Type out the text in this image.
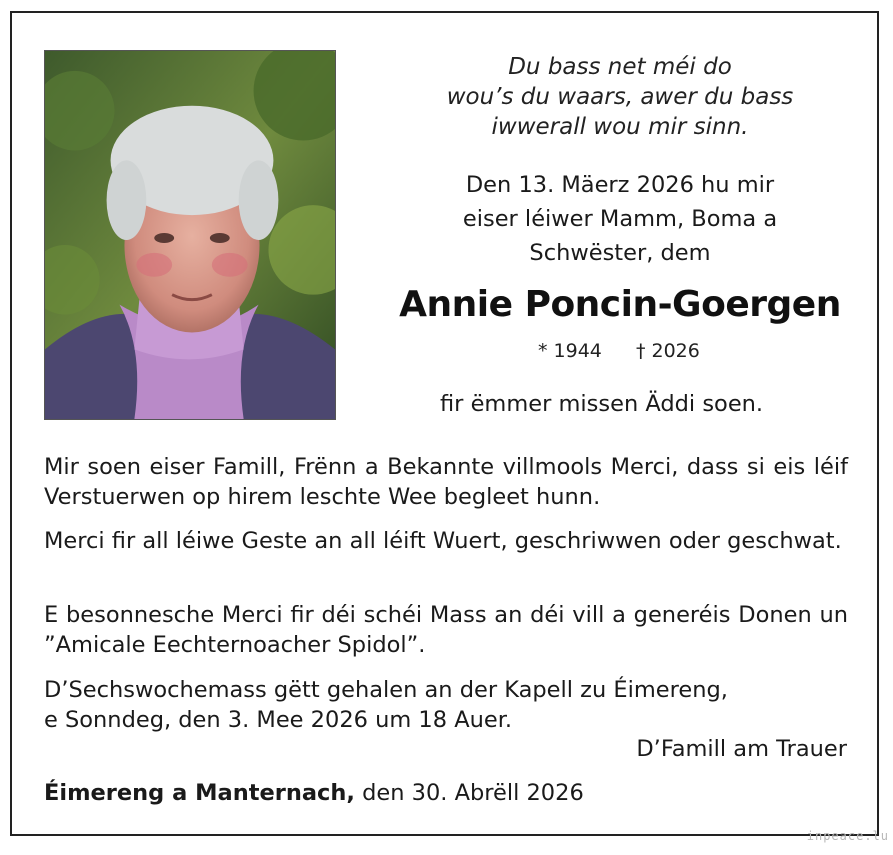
Du bass net méi do
wou’s du waars, awer du bass
iwwerall wou mir sinn.
Den 13. Mäerz 2026 hu mir
eiser léiwer Mamm, Boma a
Schwëster, dem
Annie Poncin-Goergen
* 1944 † 2026
fir ëmmer missen Äddi soen.
Mir soen eiser Famill, Frënn a Bekannte villmools Merci, dass si eis léif Verstuerwen op hirem leschte Wee begleet hunn.
Merci fir all léiwe Geste an all léift Wuert, geschriwwen oder geschwat.
E besonnesche Merci fir déi schéi Mass an déi vill a generéis Donen un ”Amicale Eechternoacher Spidol”.
D’Sechswochemass gëtt gehalen an der Kapell zu Éimereng,
e Sonndeg, den 3. Mee 2026 um 18 Auer.
D’Famill am Trauer
Éimereng a Manternach, den 30. Abrëll 2026
inpeace.lu
